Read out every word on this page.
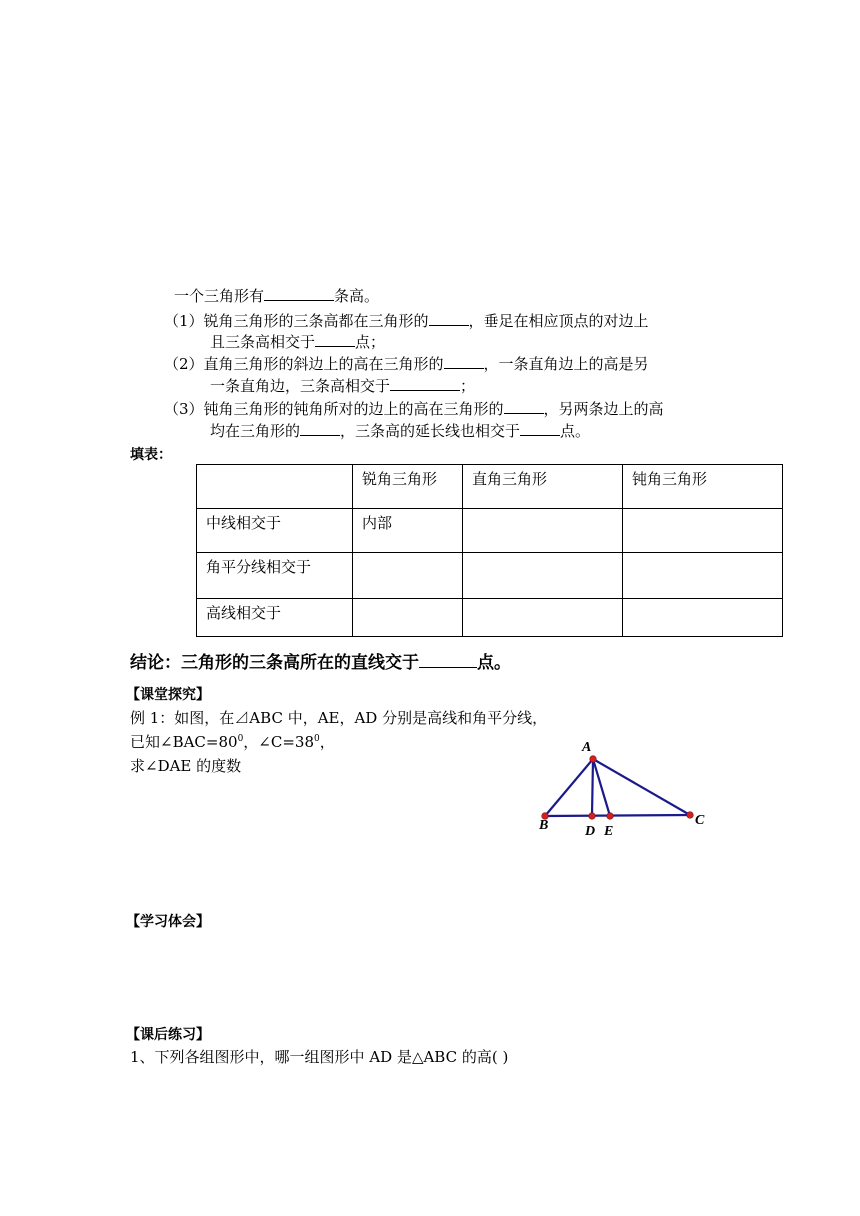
一个三角形有	条高。
（1）锐角三角形的三条高都在三角形的	，垂足在相应顶点的对边上
且三条高相交于	点；
（2）直角三角形的斜边上的高在三角形的	，一条直角边上的高是另
一条直角边，三条高相交于	；
（3）钝角三角形的钝角所对的边上的高在三角形的	，另两条边上的高
均在三角形的	，三条高的延长线也相交于	点。
填表：
	锐角三角形	直角三角形	钝角三角形
中线相交于	内部		
角平分线相交于			
高线相交于			
结论：三角形的三条高所在的直线交于	点。
【课堂探究】
例 1：如图，在⊿ABC 中，AE，AD 分别是高线和角平分线，
已知$\angle BAC=80^0$，$\angle C=38^0$，
求∠DAE 的度数
A
B	C
D E
【学习体会】
【课后练习】
1、下列各组图形中，哪一组图形中 AD 是△ABC 的高( )
